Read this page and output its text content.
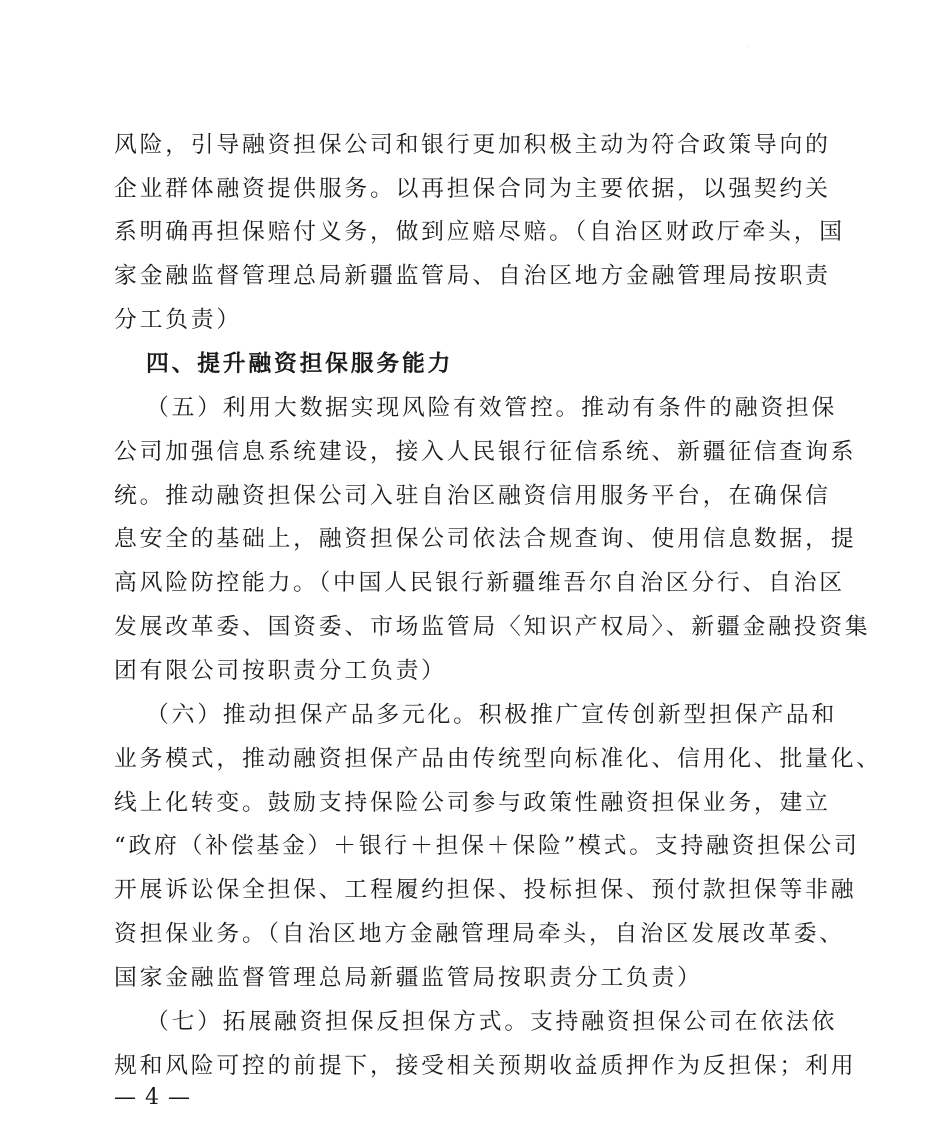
风险，引导融资担保公司和银行更加积极主动为符合政策导向的
企业群体融资提供服务。以再担保合同为主要依据，以强契约关
系明确再担保赔付义务，做到应赔尽赔。（自治区财政厅牵头，国
家金融监督管理总局新疆监管局、自治区地方金融管理局按职责
分工负责）
四、提升融资担保服务能力
（五）利用大数据实现风险有效管控。推动有条件的融资担保
公司加强信息系统建设，接入人民银行征信系统、新疆征信查询系
统。推动融资担保公司入驻自治区融资信用服务平台，在确保信
息安全的基础上，融资担保公司依法合规查询、使用信息数据，提
高风险防控能力。（中国人民银行新疆维吾尔自治区分行、自治区
发展改革委、国资委、市场监管局〈知识产权局〉、新疆金融投资集
团有限公司按职责分工负责）
（六）推动担保产品多元化。积极推广宣传创新型担保产品和
业务模式，推动融资担保产品由传统型向标准化、信用化、批量化、
线上化转变。鼓励支持保险公司参与政策性融资担保业务，建立
“政府（补偿基金）＋银行＋担保＋保险”模式。支持融资担保公司
开展诉讼保全担保、工程履约担保、投标担保、预付款担保等非融
资担保业务。（自治区地方金融管理局牵头，自治区发展改革委、
国家金融监督管理总局新疆监管局按职责分工负责）
（七）拓展融资担保反担保方式。支持融资担保公司在依法依
规和风险可控的前提下，接受相关预期收益质押作为反担保；利用
— 4 —
